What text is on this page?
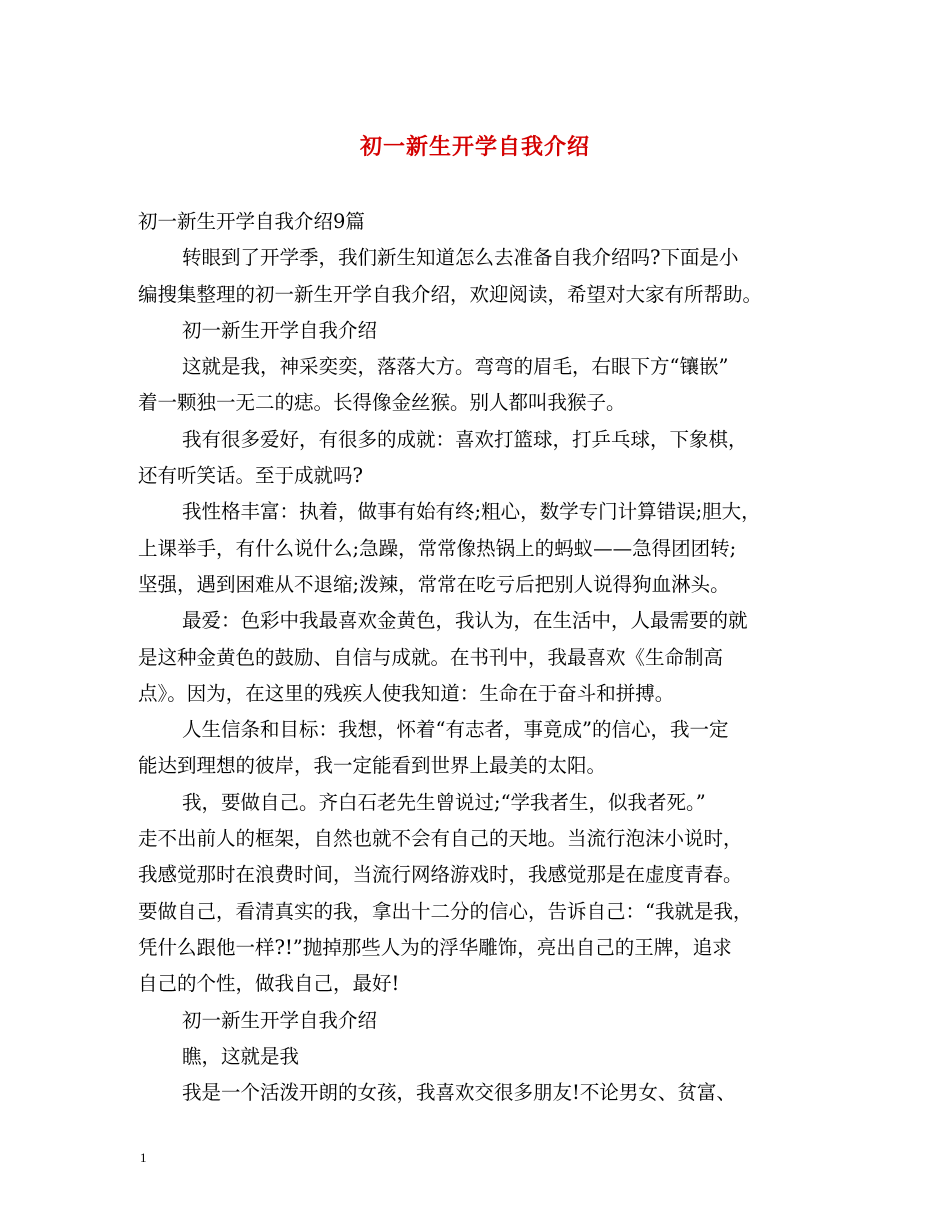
初一新生开学自我介绍
初一新生开学自我介绍9篇
转眼到了开学季，我们新生知道怎么去准备自我介绍吗?下面是小
编搜集整理的初一新生开学自我介绍，欢迎阅读，希望对大家有所帮助。
初一新生开学自我介绍
这就是我，神采奕奕，落落大方。弯弯的眉毛，右眼下方“镶嵌”
着一颗独一无二的痣。长得像金丝猴。别人都叫我猴子。
我有很多爱好，有很多的成就：喜欢打篮球，打乒乓球，下象棋，
还有听笑话。至于成就吗?
我性格丰富：执着，做事有始有终;粗心，数学专门计算错误;胆大，
上课举手，有什么说什么;急躁，常常像热锅上的蚂蚁——急得团团转;
坚强，遇到困难从不退缩;泼辣，常常在吃亏后把别人说得狗血淋头。
最爱：色彩中我最喜欢金黄色，我认为，在生活中，人最需要的就
是这种金黄色的鼓励、自信与成就。在书刊中，我最喜欢《生命制高
点》。因为，在这里的残疾人使我知道：生命在于奋斗和拼搏。
人生信条和目标：我想，怀着“有志者，事竟成”的信心，我一定
能达到理想的彼岸，我一定能看到世界上最美的太阳。
我，要做自己。齐白石老先生曾说过;“学我者生，似我者死。”
走不出前人的框架，自然也就不会有自己的天地。当流行泡沫小说时，
我感觉那时在浪费时间，当流行网络游戏时，我感觉那是在虚度青春。
要做自己，看清真实的我，拿出十二分的信心，告诉自己：“我就是我，
凭什么跟他一样?!”抛掉那些人为的浮华雕饰，亮出自己的王牌，追求
自己的个性，做我自己，最好!
初一新生开学自我介绍
瞧，这就是我
我是一个活泼开朗的女孩，我喜欢交很多朋友!不论男女、贫富、
1
